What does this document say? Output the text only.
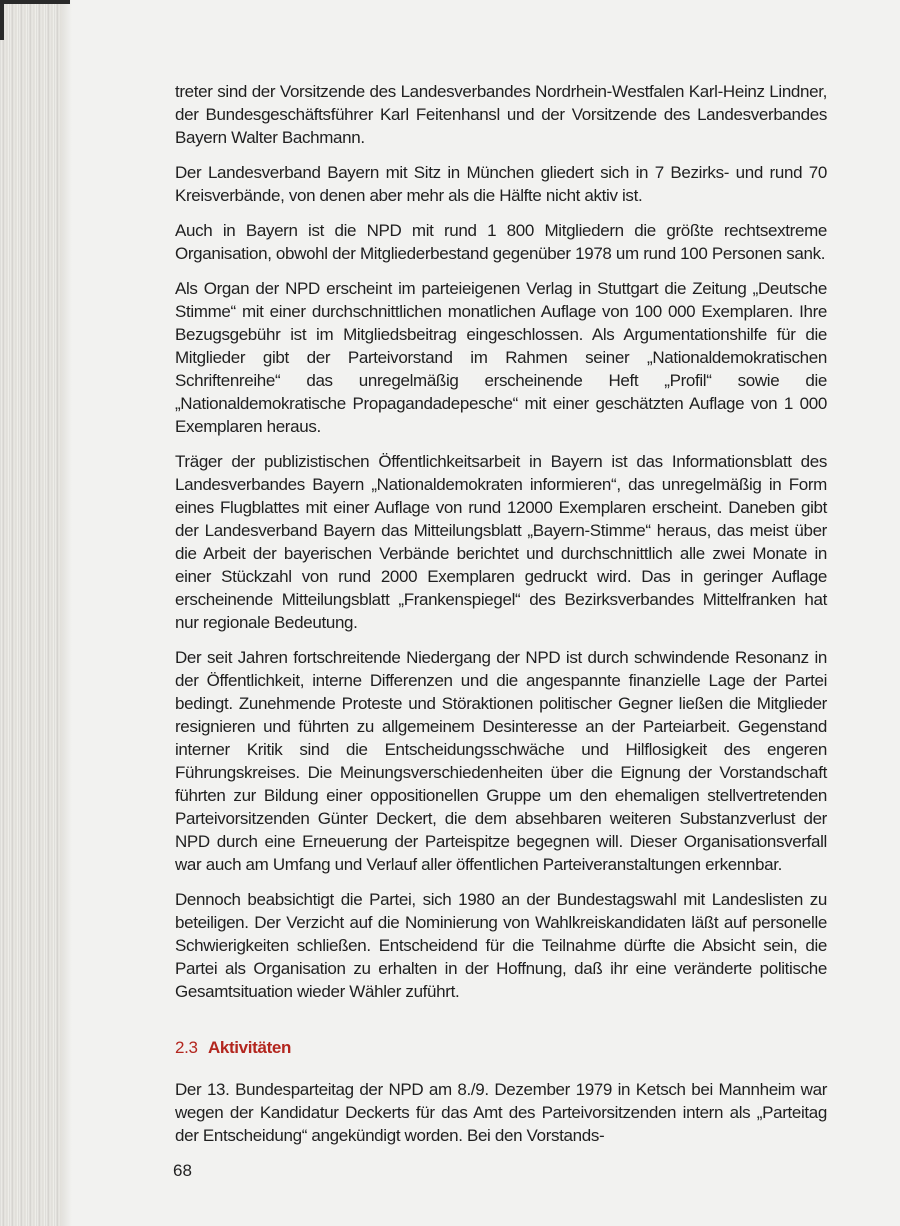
treter sind der Vorsitzende des Landesverbandes Nordrhein-Westfalen Karl-Heinz Lindner, der Bundesgeschäftsführer Karl Feitenhansl und der Vorsitzende des Landesverbandes Bayern Walter Bachmann.

Der Landesverband Bayern mit Sitz in München gliedert sich in 7 Bezirks- und rund 70 Kreisverbände, von denen aber mehr als die Hälfte nicht aktiv ist.

Auch in Bayern ist die NPD mit rund 1 800 Mitgliedern die größte rechtsextreme Organisation, obwohl der Mitgliederbestand gegenüber 1978 um rund 100 Personen sank.

Als Organ der NPD erscheint im parteieigenen Verlag in Stuttgart die Zeitung „Deutsche Stimme“ mit einer durchschnittlichen monatlichen Auflage von 100 000 Exemplaren. Ihre Bezugsgebühr ist im Mitgliedsbeitrag eingeschlossen. Als Argumentationshilfe für die Mitglieder gibt der Parteivorstand im Rahmen seiner „Nationaldemokratischen Schriftenreihe“ das unregelmäßig erscheinende Heft „Profil“ sowie die „Nationaldemokratische Propagandadepesche“ mit einer geschätzten Auflage von 1 000 Exemplaren heraus.

Träger der publizistischen Öffentlichkeitsarbeit in Bayern ist das Informationsblatt des Landesverbandes Bayern „Nationaldemokraten informieren“, das unregelmäßig in Form eines Flugblattes mit einer Auflage von rund 12000 Exemplaren erscheint. Daneben gibt der Landesverband Bayern das Mitteilungsblatt „Bayern-Stimme“ heraus, das meist über die Arbeit der bayerischen Verbände berichtet und durchschnittlich alle zwei Monate in einer Stückzahl von rund 2000 Exemplaren gedruckt wird. Das in geringer Auflage erscheinende Mitteilungsblatt „Frankenspiegel“ des Bezirksverbandes Mittelfranken hat nur regionale Bedeutung.

Der seit Jahren fortschreitende Niedergang der NPD ist durch schwindende Resonanz in der Öffentlichkeit, interne Differenzen und die angespannte finanzielle Lage der Partei bedingt. Zunehmende Proteste und Störaktionen politischer Gegner ließen die Mitglieder resignieren und führten zu allgemeinem Desinteresse an der Parteiarbeit. Gegenstand interner Kritik sind die Entscheidungsschwäche und Hilflosigkeit des engeren Führungskreises. Die Meinungsverschiedenheiten über die Eignung der Vorstandschaft führten zur Bildung einer oppositionellen Gruppe um den ehemaligen stellvertretenden Parteivorsitzenden Günter Deckert, die dem absehbaren weiteren Substanzverlust der NPD durch eine Erneuerung der Parteispitze begegnen will. Dieser Organisationsverfall war auch am Umfang und Verlauf aller öffentlichen Parteiveranstaltungen erkennbar.

Dennoch beabsichtigt die Partei, sich 1980 an der Bundestagswahl mit Landeslisten zu beteiligen. Der Verzicht auf die Nominierung von Wahlkreiskandidaten läßt auf personelle Schwierigkeiten schließen. Entscheidend für die Teilnahme dürfte die Absicht sein, die Partei als Organisation zu erhalten in der Hoffnung, daß ihr eine veränderte politische Gesamtsituation wieder Wähler zuführt.

2.3 Aktivitäten

Der 13. Bundesparteitag der NPD am 8./9. Dezember 1979 in Ketsch bei Mannheim war wegen der Kandidatur Deckerts für das Amt des Parteivorsitzenden intern als „Parteitag der Entscheidung“ angekündigt worden. Bei den Vorstands-

68
